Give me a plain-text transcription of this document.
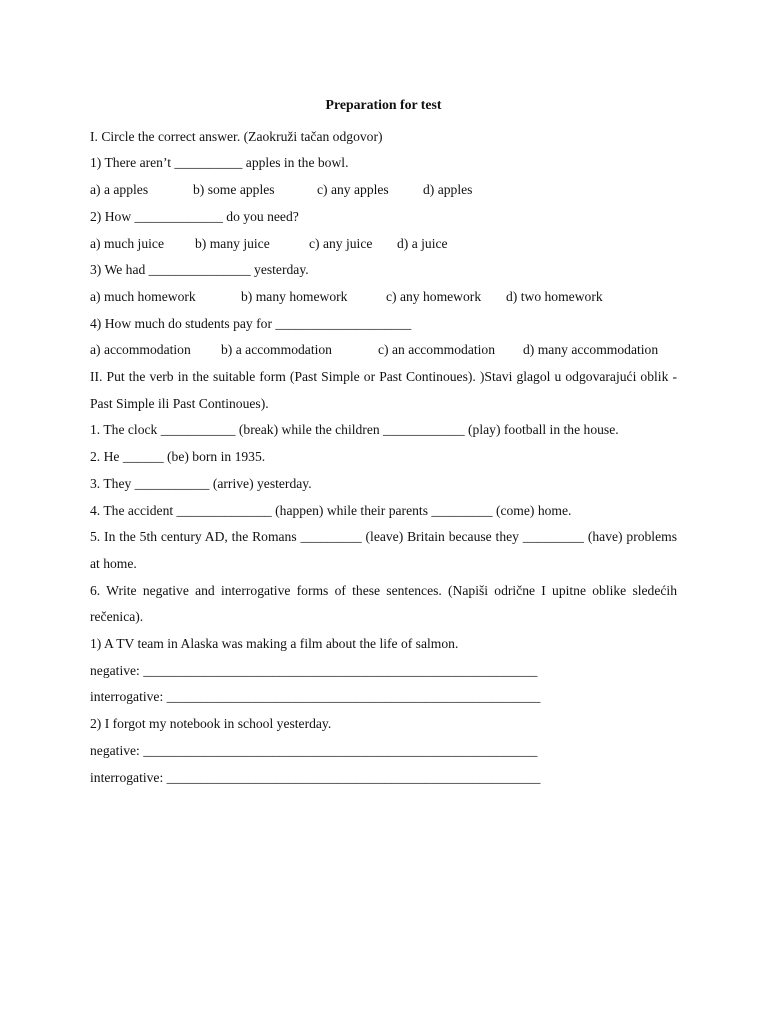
Preparation for test
I. Circle the correct answer. (Zaokruži tačan odgovor)
1) There aren’t __________ apples in the bowl.
a) a apples	b) some apples	c) any apples	d) apples
2) How _____________ do you need?
a) much juice	b) many juice	c) any juice	d) a juice
3) We had _______________ yesterday.
a) much homework	b) many homework	c) any homework	d) two homework
4) How much do students pay for ____________________
a) accommodation	b) a accommodation	c) an accommodation	d) many accommodation
II. Put the verb in the suitable form (Past Simple or Past Continoues). )Stavi glagol u odgovarajući oblik - Past Simple ili Past Continoues).
1. The clock ___________ (break) while the children ____________ (play) football in the house.
2. He ______ (be) born in 1935.
3. They ___________ (arrive) yesterday.
4. The accident ______________ (happen) while their parents _________ (come) home.
5. In the 5th century AD, the Romans _________ (leave) Britain because they _________ (have) problems at home.
6. Write negative and interrogative forms of these sentences. (Napiši odrične I upitne oblike sledećih rečenica).
1) A TV team in Alaska was making a film about the life of salmon.
negative: __________________________________________________________
interrogative: _______________________________________________________
2) I forgot my notebook in school yesterday.
negative: __________________________________________________________
interrogative: _______________________________________________________
